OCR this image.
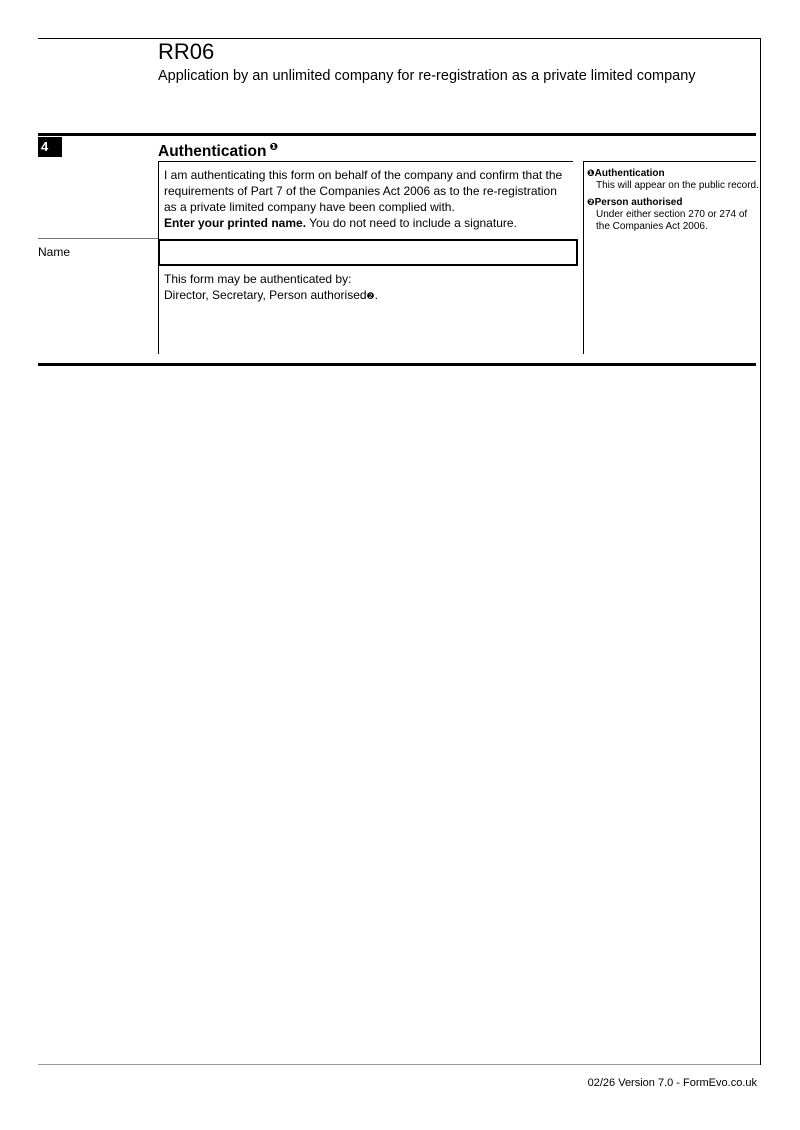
RR06
Application by an unlimited company for re-registration as a private limited company
4	Authentication $^❶$
I am authenticating this form on behalf of the company and confirm that the requirements of Part 7 of the Companies Act 2006 as to the re-registration as a private limited company have been complied with.
Enter your printed name. You do not need to include a signature.
Name
This form may be authenticated by:
Director, Secretary, Person authorised❷.
❶Authentication
This will appear on the public record.
❷Person authorised
Under either section 270 or 274 of the Companies Act 2006.
02/26 Version 7.0 - FormEvo.co.uk
